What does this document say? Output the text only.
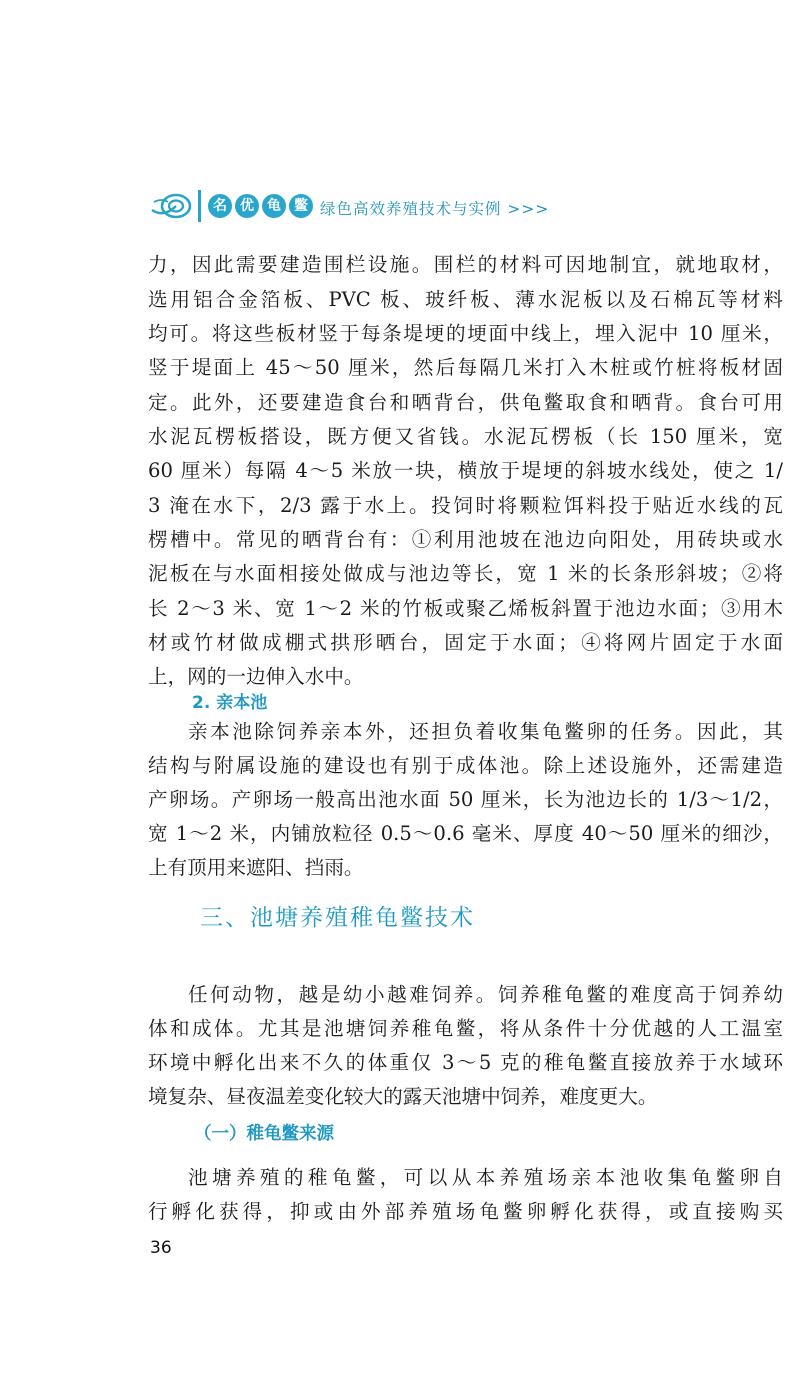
名 优 龟 鳖 绿色高效养殖技术与实例 >>>
力，因此需要建造围栏设施。围栏的材料可因地制宜，就地取材，
选用铝合金箔板、PVC 板、玻纤板、薄水泥板以及石棉瓦等材料
均可。将这些板材竖于每条堤埂的埂面中线上，埋入泥中 10 厘米，
竖于堤面上 45～50 厘米，然后每隔几米打入木桩或竹桩将板材固
定。此外，还要建造食台和晒背台，供龟鳖取食和晒背。食台可用
水泥瓦楞板搭设，既方便又省钱。水泥瓦楞板（长 150 厘米，宽
60 厘米）每隔 4～5 米放一块，横放于堤埂的斜坡水线处，使之 1/
3 淹在水下，2/3 露于水上。投饲时将颗粒饵料投于贴近水线的瓦
楞槽中。常见的晒背台有：①利用池坡在池边向阳处，用砖块或水
泥板在与水面相接处做成与池边等长，宽 1 米的长条形斜坡；②将
长 2～3 米、宽 1～2 米的竹板或聚乙烯板斜置于池边水面；③用木
材或竹材做成棚式拱形晒台，固定于水面；④将网片固定于水面
上，网的一边伸入水中。
2. 亲本池
亲本池除饲养亲本外，还担负着收集龟鳖卵的任务。因此，其
结构与附属设施的建设也有别于成体池。除上述设施外，还需建造
产卵场。产卵场一般高出池水面 50 厘米，长为池边长的 1/3～1/2，
宽 1～2 米，内铺放粒径 0.5～0.6 毫米、厚度 40～50 厘米的细沙，
上有顶用来遮阳、挡雨。
三、池塘养殖稚龟鳖技术
任何动物，越是幼小越难饲养。饲养稚龟鳖的难度高于饲养幼
体和成体。尤其是池塘饲养稚龟鳖，将从条件十分优越的人工温室
环境中孵化出来不久的体重仅 3～5 克的稚龟鳖直接放养于水域环
境复杂、昼夜温差变化较大的露天池塘中饲养，难度更大。
（一）稚龟鳖来源
池塘养殖的稚龟鳖，可以从本养殖场亲本池收集龟鳖卵自
行孵化获得，抑或由外部养殖场龟鳖卵孵化获得，或直接购买
36
